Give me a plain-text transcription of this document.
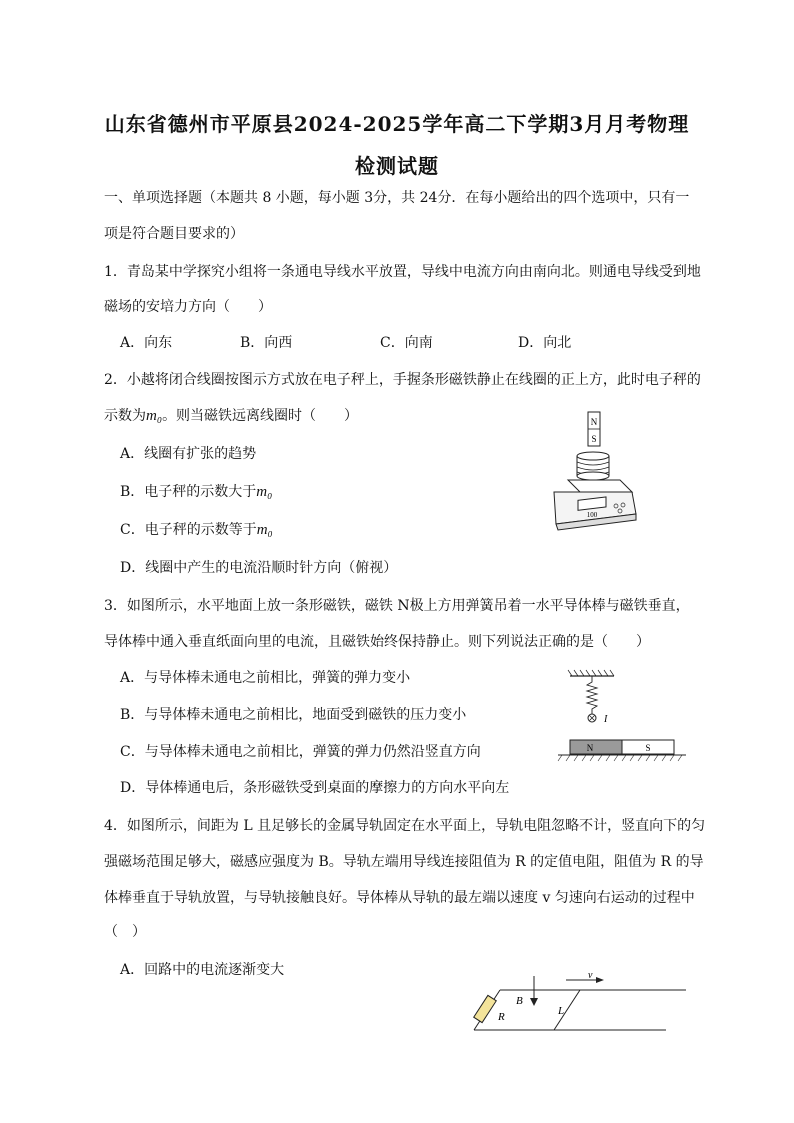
山东省德州市平原县2024-2025学年高二下学期3月月考物理
检测试题
一、单项选择题（本题共 8 小题，每小题 3分，共 24分．在每小题给出的四个选项中，只有一
项是符合题目要求的）
1．青岛某中学探究小组将一条通电导线水平放置，导线中电流方向由南向北。则通电导线受到地
磁场的安培力方向（　　）
A．向东	B．向西	C．向南	D．向北
2．小越将闭合线圈按图示方式放在电子秤上，手握条形磁铁静止在线圈的正上方，此时电子秤的
示数为m₀。则当磁铁远离线圈时（　　）
A．线圈有扩张的趋势
B．电子秤的示数大于m₀
C．电子秤的示数等于m₀
D．线圈中产生的电流沿顺时针方向（俯视）
N
S
100
3．如图所示，水平地面上放一条形磁铁，磁铁 N极上方用弹簧吊着一水平导体棒与磁铁垂直，
导体棒中通入垂直纸面向里的电流，且磁铁始终保持静止。则下列说法正确的是（　　）
A．与导体棒未通电之前相比，弹簧的弹力变小
B．与导体棒未通电之前相比，地面受到磁铁的压力变小
C．与导体棒未通电之前相比，弹簧的弹力仍然沿竖直方向
D．导体棒通电后，条形磁铁受到桌面的摩擦力的方向水平向左
I
N	S
4．如图所示，间距为 L 且足够长的金属导轨固定在水平面上，导轨电阻忽略不计，竖直向下的匀
强磁场范围足够大，磁感应强度为 B。导轨左端用导线连接阻值为 R 的定值电阻，阻值为 R 的导
体棒垂直于导轨放置，与导轨接触良好。导体棒从导轨的最左端以速度 v 匀速向右运动的过程中
（　）
A．回路中的电流逐渐变大
R
B
L
v
